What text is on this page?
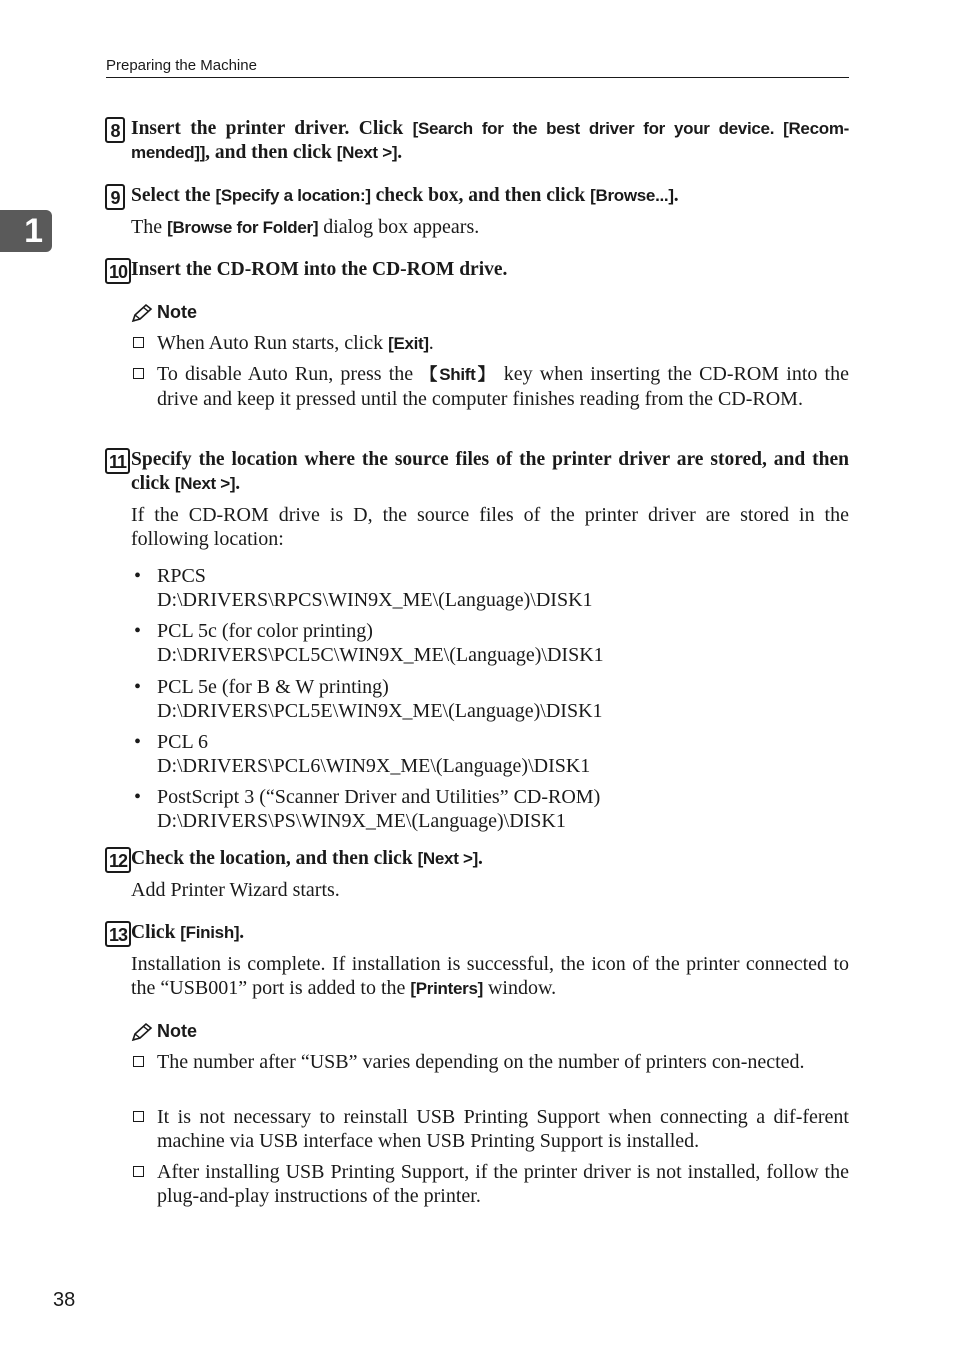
Preparing the Machine
1
8 Insert the printer driver. Click [Search for the best driver for your device. [Recom-mended]], and then click [Next >].
9 Select the [Specify a location:] check box, and then click [Browse...].
The [Browse for Folder] dialog box appears.
10 Insert the CD-ROM into the CD-ROM drive.
Note
When Auto Run starts, click [Exit].
To disable Auto Run, press the 【Shift】 key when inserting the CD-ROM into the drive and keep it pressed until the computer finishes reading from the CD-ROM.
11 Specify the location where the source files of the printer driver are stored, and then click [Next >].
If the CD-ROM drive is D, the source files of the printer driver are stored in the following location:
• RPCS
D:\DRIVERS\RPCS\WIN9X_ME\(Language)\DISK1
• PCL 5c (for color printing)
D:\DRIVERS\PCL5C\WIN9X_ME\(Language)\DISK1
• PCL 5e (for B & W printing)
D:\DRIVERS\PCL5E\WIN9X_ME\(Language)\DISK1
• PCL 6
D:\DRIVERS\PCL6\WIN9X_ME\(Language)\DISK1
• PostScript 3 (“Scanner Driver and Utilities” CD-ROM)
D:\DRIVERS\PS\WIN9X_ME\(Language)\DISK1
12 Check the location, and then click [Next >].
Add Printer Wizard starts.
13 Click [Finish].
Installation is complete. If installation is successful, the icon of the printer connected to the “USB001” port is added to the [Printers] window.
Note
The number after “USB” varies depending on the number of printers con-nected.
It is not necessary to reinstall USB Printing Support when connecting a dif-ferent machine via USB interface when USB Printing Support is installed.
After installing USB Printing Support, if the printer driver is not installed, follow the plug-and-play instructions of the printer.
38
